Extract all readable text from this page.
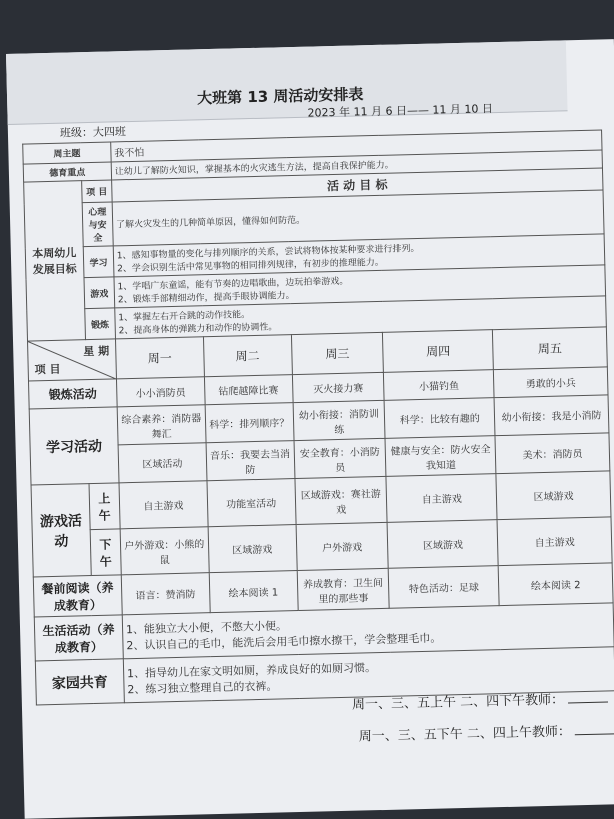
大班第 13 周活动安排表
2023 年 11 月 6 日—— 11 月 10 日
班级：大四班
周主题		我不怕				
德育重点		让幼儿了解防火知识，掌握基本的火灾逃生方法，提高自我保护能力。				
本周幼儿发展目标	项 目	活 动 目 标				
	心理与安全	了解火灾发生的几种简单原因，懂得如何防范。				
	学习	1、感知事物量的变化与排列顺序的关系，尝试将物体按某种要求进行排列。
2、学会识别生活中常见事物的相同排列规律，有初步的推理能力。				

	游戏	1、学唱广东童谣，能有节奏的边唱歌曲，边玩拍拳游戏。
2、锻炼手部精细动作，提高手眼协调能力。				

	锻炼	1、掌握左右开合跳的动作技能。
2、提高身体的弹跳力和动作的协调性。				

星 期
项 目		周一	周二	周三	周四	周五
锻炼活动		小小消防员	钻爬越障比赛	灭火接力赛	小猫钓鱼	勇敢的小兵
学习活动		综合素养：消防器舞汇	科学：排列顺序？	幼小衔接：消防训练	科学：比较有趣的	幼小衔接：我是小消防
		区域活动	音乐：我要去当消防	安全教育：小消防员	健康与安全：防火安全我知道	美术：消防员
游戏活动	上午	自主游戏	功能室活动	区域游戏：赛社游戏	自主游戏	区域游戏
	下午	户外游戏：小熊的鼠	区域游戏	户外游戏	区域游戏	自主游戏
餐前阅读（养成教育）		语言：赞消防	绘本阅读 1	养成教育：卫生间里的那些事	特色活动：足球	绘本阅读 2
生活活动（养成教育）		1、能独立大小便，不憋大小便。
2、认识自己的毛巾，能洗后会用毛巾擦水擦干，学会整理毛巾。				

家园共育		1、指导幼儿在家文明如厕，养成良好的如厕习惯。
2、练习独立整理自己的衣裤。				
周一、三、五上午 二、四下午教师：
周一、三、五下午 二、四上午教师：
